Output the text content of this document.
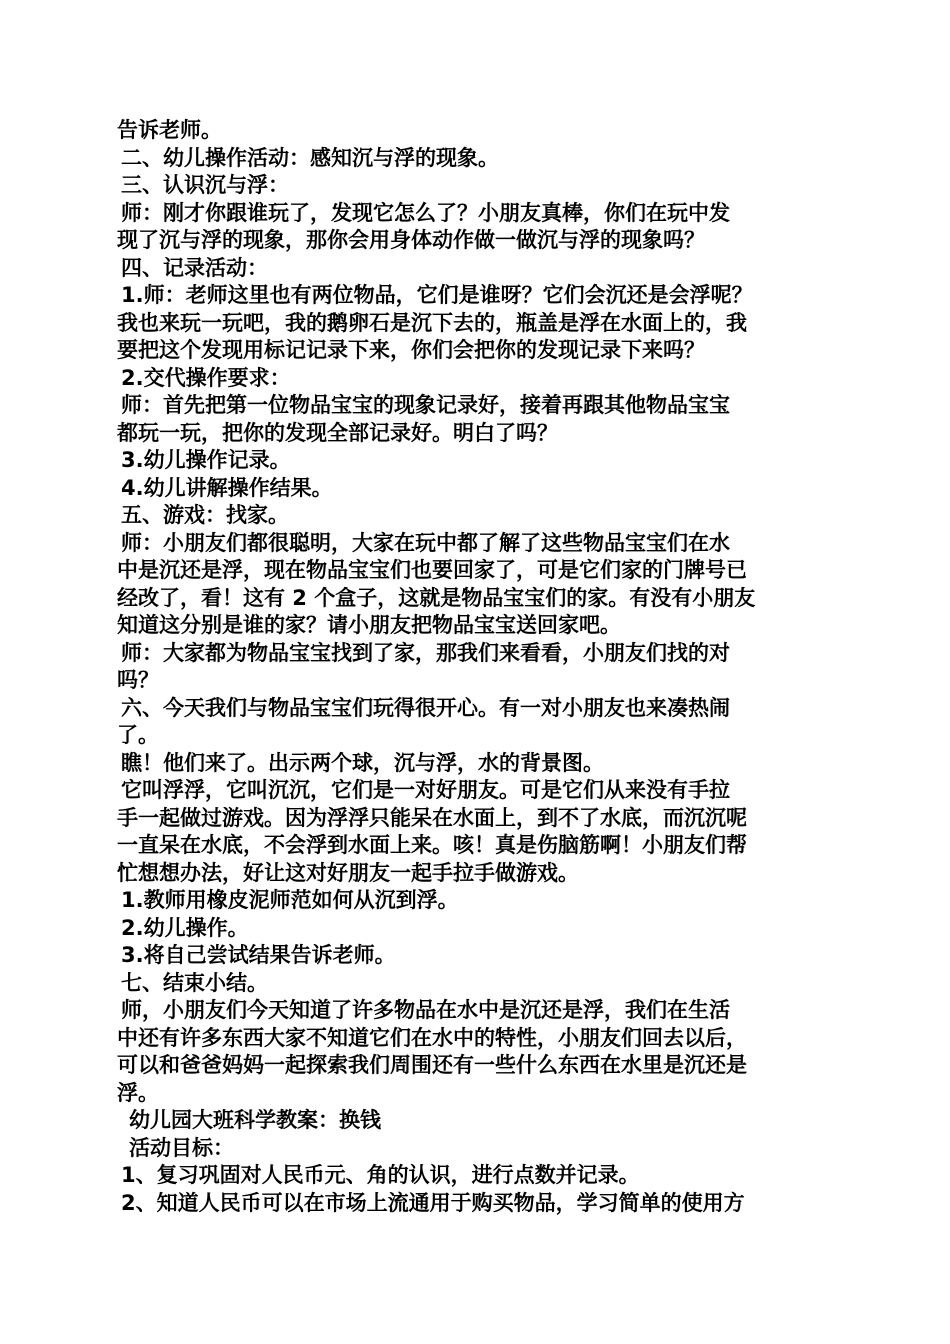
告诉老师。
二、幼儿操作活动：感知沉与浮的现象。
三、认识沉与浮：
师：刚才你跟谁玩了，发现它怎么了？小朋友真棒，你们在玩中发
现了沉与浮的现象，那你会用身体动作做一做沉与浮的现象吗？
四、记录活动：
1.师：老师这里也有两位物品，它们是谁呀？它们会沉还是会浮呢？
我也来玩一玩吧，我的鹅卵石是沉下去的，瓶盖是浮在水面上的，我
要把这个发现用标记记录下来，你们会把你的发现记录下来吗？
2.交代操作要求：
师：首先把第一位物品宝宝的现象记录好，接着再跟其他物品宝宝
都玩一玩，把你的发现全部记录好。明白了吗？
3.幼儿操作记录。
4.幼儿讲解操作结果。
五、游戏：找家。
师：小朋友们都很聪明，大家在玩中都了解了这些物品宝宝们在水
中是沉还是浮，现在物品宝宝们也要回家了，可是它们家的门牌号已
经改了，看！这有 2 个盒子，这就是物品宝宝们的家。有没有小朋友
知道这分别是谁的家？请小朋友把物品宝宝送回家吧。
师：大家都为物品宝宝找到了家，那我们来看看，小朋友们找的对
吗？
六、今天我们与物品宝宝们玩得很开心。有一对小朋友也来凑热闹
了。
瞧！他们来了。出示两个球，沉与浮，水的背景图。
它叫浮浮，它叫沉沉，它们是一对好朋友。可是它们从来没有手拉
手一起做过游戏。因为浮浮只能呆在水面上，到不了水底，而沉沉呢
一直呆在水底，不会浮到水面上来。咳！真是伤脑筋啊！小朋友们帮
忙想想办法，好让这对好朋友一起手拉手做游戏。
1.教师用橡皮泥师范如何从沉到浮。
2.幼儿操作。
3.将自己尝试结果告诉老师。
七、结束小结。
师，小朋友们今天知道了许多物品在水中是沉还是浮，我们在生活
中还有许多东西大家不知道它们在水中的特性，小朋友们回去以后，
可以和爸爸妈妈一起探索我们周围还有一些什么东西在水里是沉还是
浮。
幼儿园大班科学教案：换钱
活动目标：
1、复习巩固对人民币元、角的认识，进行点数并记录。
2、知道人民币可以在市场上流通用于购买物品，学习简单的使用方
